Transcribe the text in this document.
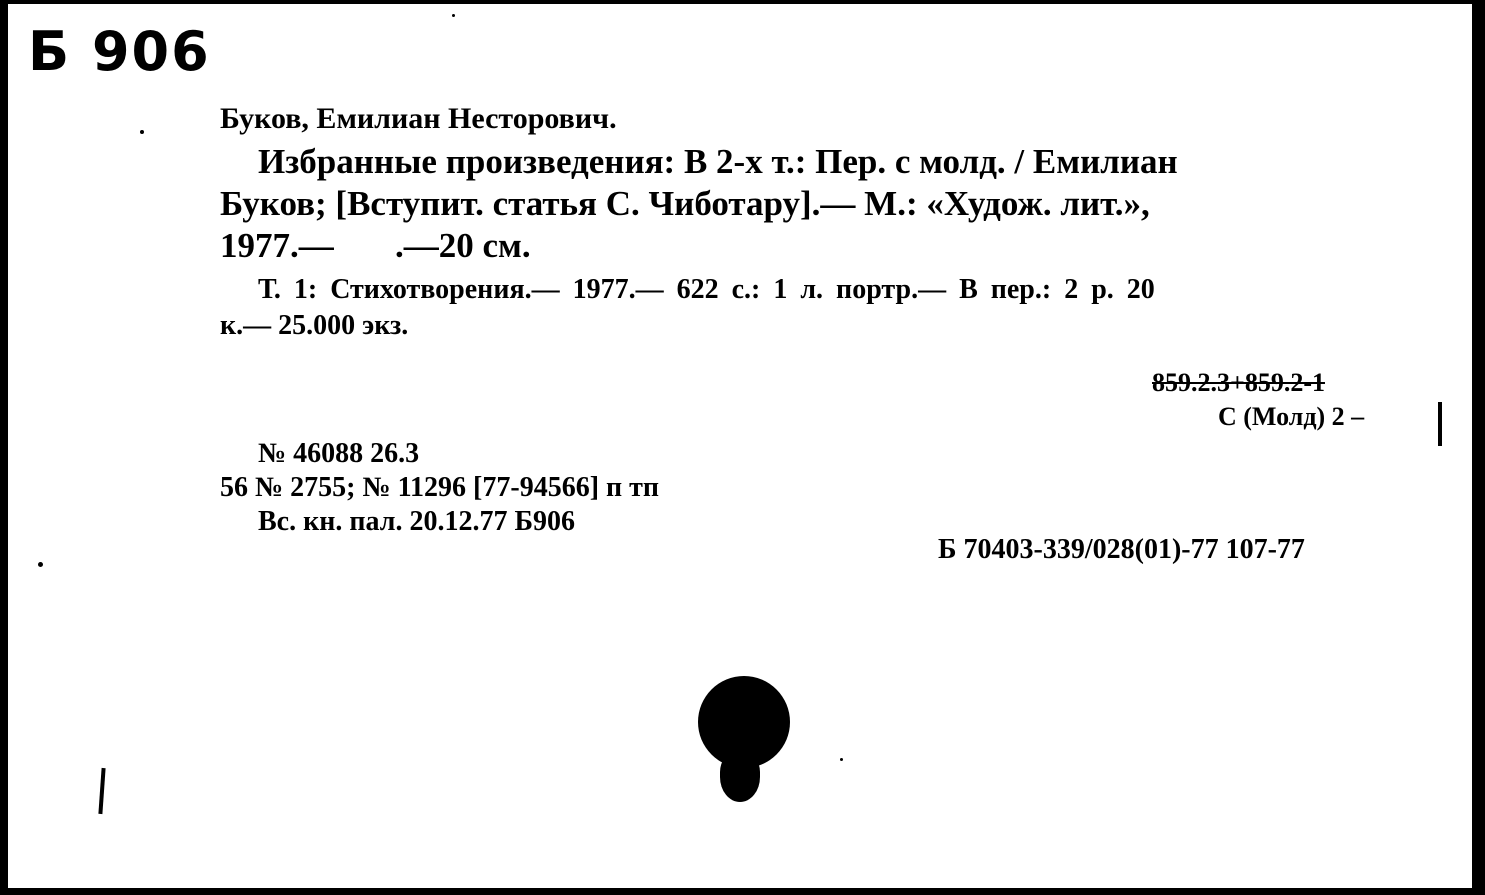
Б 906
Буков, Емилиан Несторович.
Избранные произведения: В 2-х т.: Пер. с молд. / Емилиан
Буков; [Вступит. статья С. Чиботару].— М.: «Худож. лит.»,
1977.—       .—20 см.
Т. 1: Стихотворения.— 1977.— 622 с.: 1 л. портр.— В пер.: 2 р. 20
к.— 25.000 экз.
859.2.3+859.2-1
С (Молд) 2 –
№ 46088 26.3
56 № 2755; № 11296 [77-94566] п тп
Вс. кн. пал. 20.12.77 Б906
Б 70403-339/028(01)-77 107-77
